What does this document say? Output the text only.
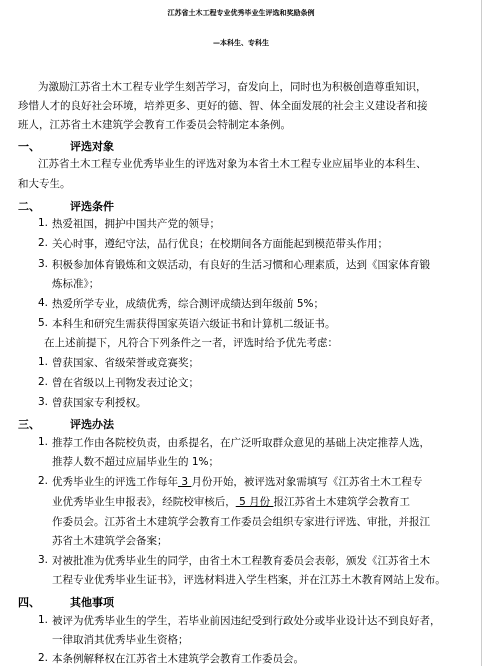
江苏省土木工程专业优秀毕业生评选和奖励条例
—本科生、专科生
为激励江苏省土木工程专业学生刻苦学习，奋发向上，同时也为积极创造尊重知识，
珍惜人才的良好社会环境，培养更多、更好的德、智、体全面发展的社会主义建设者和接
班人，江苏省土木建筑学会教育工作委员会特制定本条例。
一、	评选对象
江苏省土木工程专业优秀毕业生的评选对象为本省土木工程专业应届毕业的本科生、
和大专生。
二、	评选条件
1. 热爱祖国，拥护中国共产党的领导；
2. 关心时事，遵纪守法，品行优良；在校期间各方面能起到模范带头作用；
3. 积极参加体育锻炼和文娱活动，有良好的生活习惯和心理素质，达到《国家体育锻
炼标准》；
4. 热爱所学专业，成绩优秀，综合测评成绩达到年级前 5%；
5. 本科生和研究生需获得国家英语六级证书和计算机二级证书。
在上述前提下，凡符合下列条件之一者，评选时给予优先考虑：
1. 曾获国家、省级荣誉或竞赛奖；
2. 曾在省级以上刊物发表过论文；
3. 曾获国家专利授权。
三、	评选办法
1. 推荐工作由各院校负责，由系提名，在广泛听取群众意见的基础上决定推荐人选，
推荐人数不超过应届毕业生的 1%；
2. 优秀毕业生的评选工作每年 3 月份开始，被评选对象需填写《江苏省土木工程专
业优秀毕业生申报表》，经院校审核后， 5 月份 报江苏省土木建筑学会教育工
作委员会。江苏省土木建筑学会教育工作委员会组织专家进行评选、审批，并报江
苏省土木建筑学会备案；
3. 对被批准为优秀毕业生的同学，由省土木工程教育委员会表彰，颁发《江苏省土木
工程专业优秀毕业生证书》，评选材料进入学生档案，并在江苏土木教育网站上发布。
四、	其他事项
1. 被评为优秀毕业生的学生，若毕业前因违纪受到行政处分或毕业设计达不到良好者，
一律取消其优秀毕业生资格；
2. 本条例解释权在江苏省土木建筑学会教育工作委员会。
